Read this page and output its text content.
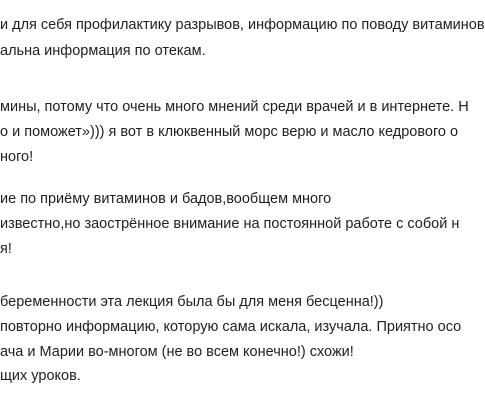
и для себя профилактику разрывов, информацию по поводу витаминов
альна информация по отекам.
мины, потому что очень много мнений среди врачей и в интернете. Н
о и поможет»))) я вот в клюквенный морс верю и масло кедрового о
ного!
ие по приёму витаминов и бадов,вообщем много
известно,но заострённое внимание на постоянной работе с собой н
я!
беременности эта лекция была бы для меня бесценна!))
повторно информацию, которую сама искала, изучала. Приятно осо
ача и Марии во-многом (не во всем конечно!) схожи!
щих уроков.
